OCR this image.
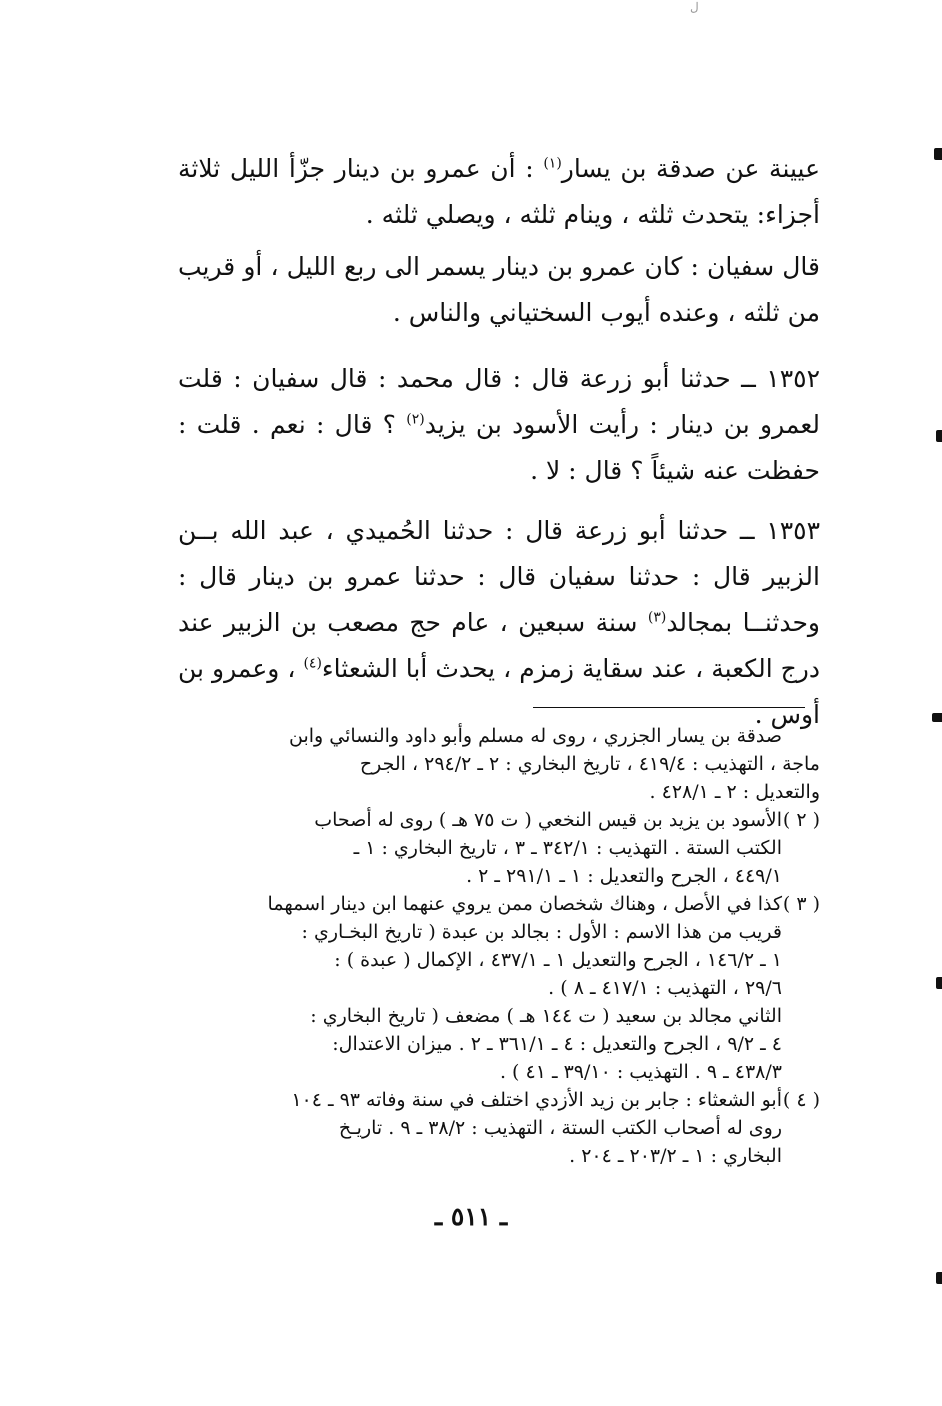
ل

عيينة عن صدقة بن يسار$^{(١)}$ : أن عمرو بن دينار جزّأ الليل ثلاثة أجزاء: يتحدث ثلثه ، وينام ثلثه ، ويصلي ثلثه .

قال سفيان : كان عمرو بن دينار يسمر الى ربع الليل ، أو قريب من ثلثه ، وعنده أيوب السختياني والناس .

١٣٥٢ ــ حدثنا أبو زرعة قال : قال محمد : قال سفيان : قلت لعمرو بن دينار : رأيت الأسود بن يزيد$^{(٢)}$ ؟ قال : نعم . قلت : حفظت عنه شيئاً ؟ قال : لا .

١٣٥٣ ــ حدثنا أبو زرعة قال : حدثنا الحُميدي ، عبد الله بــن الزبير قال : حدثنا سفيان قال : حدثنا عمرو بن دينار قال : وحدثنــا بمجالد$^{(٣)}$ سنة سبعين ، عام حج مصعب بن الزبير عند درج الكعبة ، عند سقاية زمزم ، يحدث أبا الشعثاء$^{(٤)}$ ، وعمرو بن أوس .

صدقة بن يسار الجزري ، روى له مسلم وأبو داود والنسائي وابن
ماجة ، التهذيب : ٤١٩/٤ ، تاريخ البخاري : ٢ ـ ٢٩٤/٢ ، الجرح
والتعديل : ٢ ـ ٤٢٨/١ .
( ٢ )الأسود بن يزيد بن قيس النخعي ( ت ٧٥ هـ ) روى له أصحاب
الكتب الستة . التهذيب : ٣٤٢/١ ـ ٣ ، تاريخ البخاري : ١ ـ
٤٤٩/١ ، الجرح والتعديل : ١ ـ ٢٩١/١ ـ ٢ .
( ٣ )كذا في الأصل ، وهناك شخصان ممن يروي عنهما ابن دينار اسمهما
قريب من هذا الاسم : الأول : بجالد بن عبدة ( تاريخ البخـاري :
١ ـ ١٤٦/٢ ، الجرح والتعديل ١ ـ ٤٣٧/١ ، الإكمال ( عبدة ) :
٢٩/٦ ، التهذيب : ٤١٧/١ ـ ٨ ) .
الثاني مجالد بن سعيد ( ت ١٤٤ هـ ) مضعف ( تاريخ البخاري :
٤ ـ ٩/٢ ، الجرح والتعديل : ٤ ـ ٣٦١/١ ـ ٢ . ميزان الاعتدال:
٤٣٨/٣ ـ ٩ . التهذيب : ٣٩/١٠ ـ ٤١ ) .
( ٤ )أبو الشعثاء : جابر بن زيد الأزدي اختلف في سنة وفاته ٩٣ ـ ١٠٤
روى له أصحاب الكتب الستة ، التهذيب : ٣٨/٢ ـ ٩ . تاريـخ
البخاري : ١ ـ ٢٠٣/٢ ـ ٢٠٤ .
ـ ٥١١ ـ
